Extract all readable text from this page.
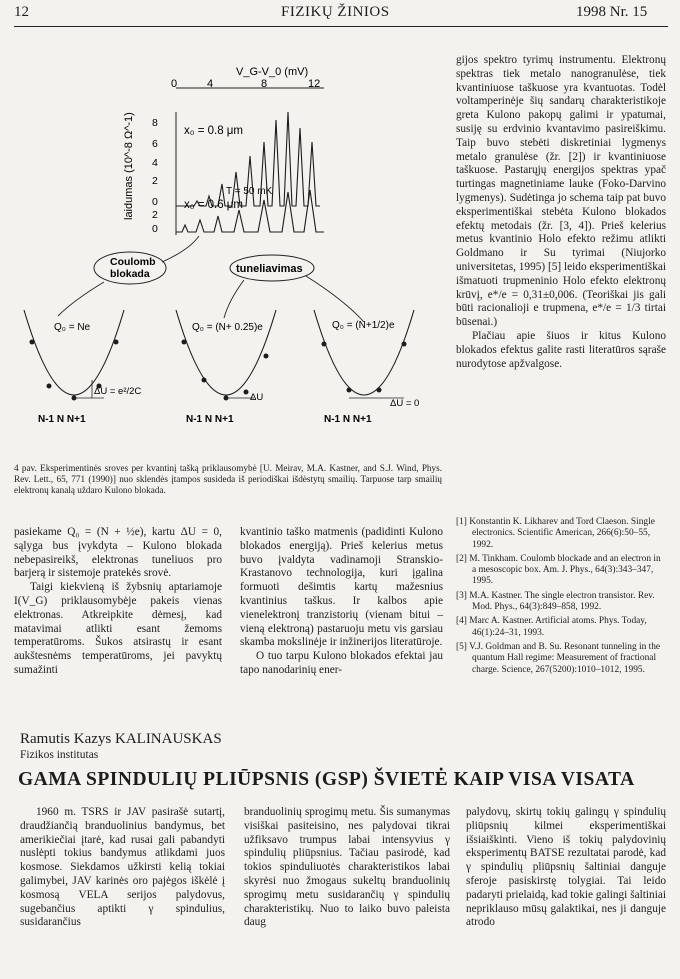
12	FIZIKŲ ŽINIOS	1998 Nr. 15
V_G-V_0 (mV)
0	4	8	12
8
6
4
2
0
2
0
laidumas (10^-8 Ω^-1)	x₀ = 0.8 μm
T = 50 mK
x₀ = 0.6 μm
Coulomb
blokada	tuneliavimas
Q₀ = Ne
ΔU = e²/2C
N-1 N N+1
Q₀ = (N+ 0.25)e
ΔU
N-1 N N+1
Q₀ = (N+1/2)e
ΔU = 0
N-1 N N+1
4 pav. Eksperimentinės sroves per kvantinį tašką priklausomybė [U. Meirav, M.A. Kastner, and S.J. Wind, Phys. Rev. Lett., 65, 771 (1990)] nuo sklendės įtampos susideda iš periodiškai išdėstytų smailių. Tarpuose tarp smailių elektronų kanalą uždaro Kulono blokada.

gijos spektro tyrimų instrumentu. Elektronų spektras tiek metalo nanogranulėse, tiek kvantiniuose taškuose yra kvantuotas. Todėl voltamperinėje šių sandarų charakteristikoje greta Kulono pakopų galimi ir ypatumai, susiję su erdvinio kvantavimo pasireiškimu. Taip buvo stebėti diskretiniai lygmenys metalo granulėse (žr. [2]) ir kvantiniuose taškuose. Pastarųjų energijos spektras ypač turtingas magnetiniame lauke (Foko-Darvino lygmenys). Sudėtinga jo schema taip pat buvo eksperimentiškai stebėta Kulono blokados efektų metodais (žr. [3, 4]). Prieš kelerius metus kvantinio Holo efekto režimu atlikti Goldmano ir Su tyrimai (Niujorko universitetas, 1995) [5] leido eksperimentiškai išmatuoti trupmeninio Holo efekto elektronų krūvį, e*/e = 0,31±0,006. (Teoriškai jis gali būti racionalioji e trupmena, e*/e = 1/3 tirtai būsenai.)

Plačiau apie šiuos ir kitus Kulono blokados efektus galite rasti literatūros sąraše nurodytose apžvalgose.

pasiekame Q₀ = (N + ½e), kartu ΔU = 0, sąlyga bus įvykdyta – Kulono blokada nebepasireikš, elektronas tuneliuos pro barjerą ir sistemoje pratekės srovė.

Taigi kiekvieną iš žybsnių aptariamoje I(V_G) priklausomybėje pakeis vienas elektronas. Atkreipkite dėmesį, kad matavimai atlikti esant žemoms temperatūroms. Šukos atsirastų ir esant aukštesnėms temperatūroms, jei pavyktų sumažinti

kvantinio taško matmenis (padidinti Kulono blokados energiją). Prieš kelerius metus buvo įvaldyta vadinamoji Stranskio-Krastanovo technologija, kuri įgalina formuoti dešimtis kartų mažesnius kvantinius taškus. Ir kalbos apie vienelektronį tranzistorių (vienam bitui – vieną elektroną) pastaruoju metu vis garsiau skamba mokslinėje ir inžinerijos literatūroje.

O tuo tarpu Kulono blokados efektai jau tapo nanodarinių ener-

[1] Konstantin K. Likharev and Tord Claeson. Single electronics. Scientific American, 266(6):50–55, 1992.
[2] M. Tinkham. Coulomb blockade and an electron in a mesoscopic box. Am. J. Phys., 64(3):343–347, 1995.
[3] M.A. Kastner. The single electron transistor. Rev. Mod. Phys., 64(3):849–858, 1992.
[4] Marc A. Kastner. Artificial atoms. Phys. Today, 46(1):24–31, 1993.
[5] V.J. Goldman and B. Su. Resonant tunneling in the quantum Hall regime: Measurement of fractional charge. Science, 267(5200):1010–1012, 1995.
Ramutis Kazys KALINAUSKAS
Fizikos institutas
GAMA SPINDULIŲ PLIŪPSNIS (GSP) ŠVIETĖ KAIP VISA VISATA
1960 m. TSRS ir JAV pasirašė sutartį, draudžiančią branduolinius bandymus, bet amerikiečiai įtarė, kad rusai gali pabandyti nuslėpti tokius bandymus atlikdami juos kosmose. Siekdamos užkirsti kelią tokiai galimybei, JAV karinės oro pajėgos iškėlė į kosmosą VELA serijos palydovus, sugebančius aptikti γ spindulius, susidarančius
branduolinių sprogimų metu. Šis sumanymas visiškai pasiteisino, nes palydovai tikrai užfiksavo trumpus labai intensyvius γ spindulių pliūpsnius. Tačiau pasirodė, kad tokios spinduliuotės charakteristikos labai skyrėsi nuo žmogaus sukeltų branduolinių sprogimų metu susidarančių γ spindulių charakteristikų. Nuo to laiko buvo paleista daug
palydovų, skirtų tokių galingų γ spindulių pliūpsnių kilmei eksperimentiškai išsiaiškinti. Vieno iš tokių palydovinių eksperimentų BATSE rezultatai parodė, kad γ spindulių pliūpsnių šaltiniai danguje sferoje pasiskirstę tolygiai. Tai leido padaryti prielaidą, kad tokie galingi šaltiniai nepriklauso mūsų galaktikai, nes ji danguje atrodo
